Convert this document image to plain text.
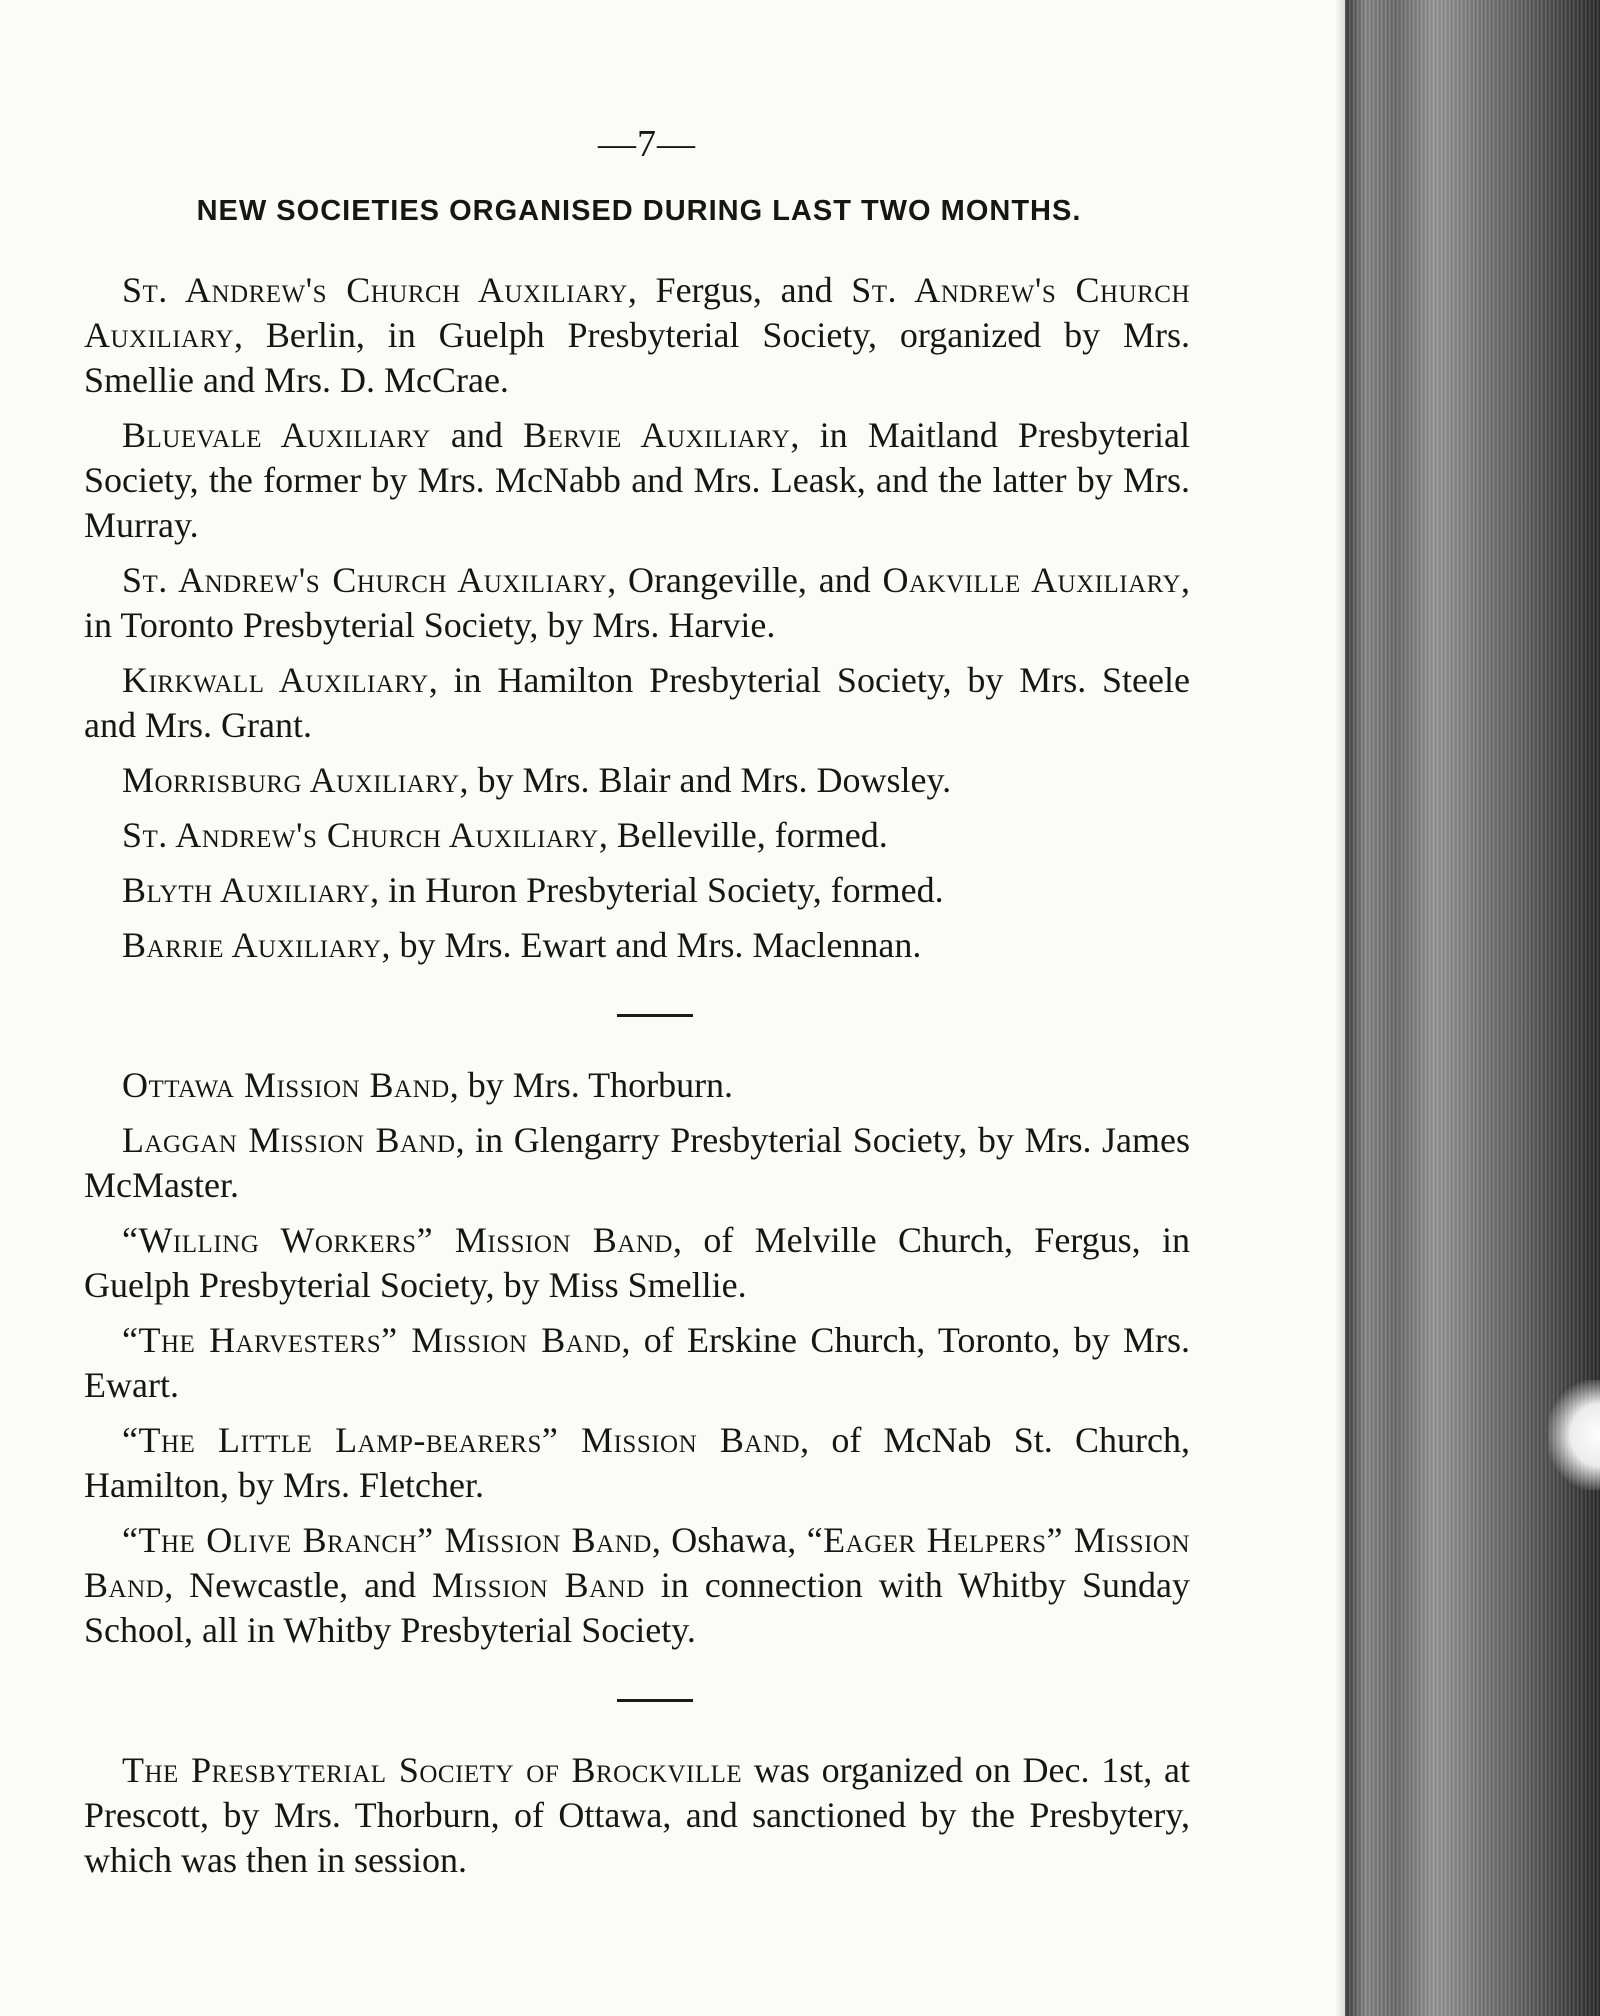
—7—
NEW SOCIETIES ORGANISED DURING LAST TWO MONTHS.

St. Andrew's Church Auxiliary, Fergus, and St. Andrew's Church Auxiliary, Berlin, in Guelph Presbyterial Society, organized by Mrs. Smellie and Mrs. D. McCrae.

Bluevale Auxiliary and Bervie Auxiliary, in Maitland Presbyterial Society, the former by Mrs. McNabb and Mrs. Leask, and the latter by Mrs. Murray.

St. Andrew's Church Auxiliary, Orangeville, and Oakville Auxiliary, in Toronto Presbyterial Society, by Mrs. Harvie.

Kirkwall Auxiliary, in Hamilton Presbyterial Society, by Mrs. Steele and Mrs. Grant.

Morrisburg Auxiliary, by Mrs. Blair and Mrs. Dowsley.

St. Andrew's Church Auxiliary, Belleville, formed.

Blyth Auxiliary, in Huron Presbyterial Society, formed.

Barrie Auxiliary, by Mrs. Ewart and Mrs. Maclennan.

Ottawa Mission Band, by Mrs. Thorburn.

Laggan Mission Band, in Glengarry Presbyterial Society, by Mrs. James McMaster.

“Willing Workers” Mission Band, of Melville Church, Fergus, in Guelph Presbyterial Society, by Miss Smellie.

“The Harvesters” Mission Band, of Erskine Church, Toronto, by Mrs. Ewart.

“The Little Lamp-bearers” Mission Band, of McNab St. Church, Hamilton, by Mrs. Fletcher.

“The Olive Branch” Mission Band, Oshawa, “Eager Helpers” Mission Band, Newcastle, and Mission Band in connection with Whitby Sunday School, all in Whitby Presbyterial Society.

The Presbyterial Society of Brockville was organized on Dec. 1st, at Prescott, by Mrs. Thorburn, of Ottawa, and sanctioned by the Presbytery, which was then in session.
